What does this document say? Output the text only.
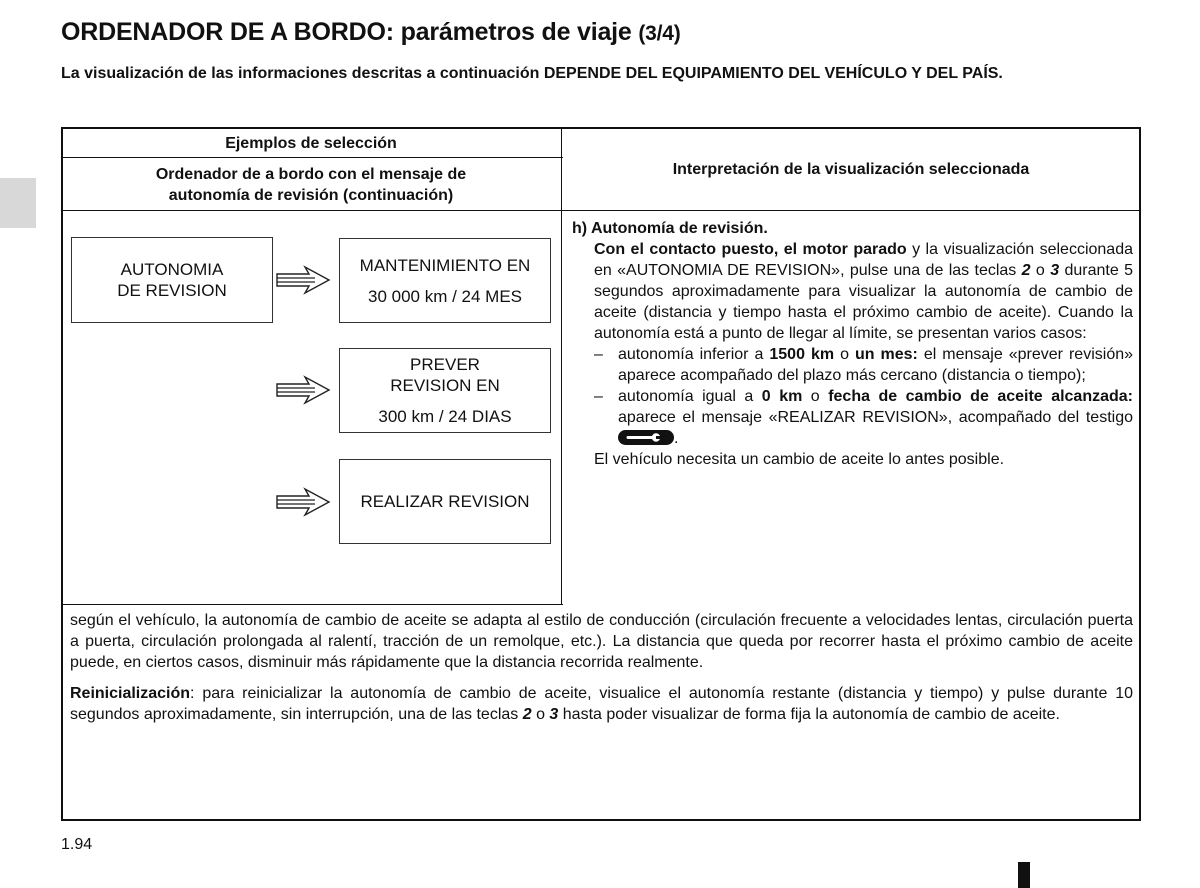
ORDENADOR DE A BORDO: parámetros de viaje (3/4)

La visualización de las informaciones descritas a continuación DEPENDE DEL EQUIPAMIENTO DEL VEHÍCULO Y DEL PAÍS.

Ejemplos de selección
Ordenador de a bordo con el mensaje de
autonomía de revisión (continuación)
Interpretación de la visualización seleccionada
AUTONOMIA
DE REVISION
MANTENIMIENTO EN
30 000 km / 24 MES
PREVER
REVISION EN
300 km / 24 DIAS
REALIZAR REVISION

h) Autonomía de revisión.

Con el contacto puesto, el motor parado y la visualización seleccionada en «AUTONOMIA DE REVISION», pulse una de las teclas 2 o 3 durante 5 segundos aproximadamente para visualizar la autonomía de cambio de aceite (distancia y tiempo hasta el próximo cambio de aceite). Cuando la autonomía está a punto de llegar al límite, se presentan varios casos:

– autonomía inferior a 1500 km o un mes: el mensaje «prever revisión» aparece acompañado del plazo más cercano (distancia o tiempo);

– autonomía igual a 0 km o fecha de cambio de aceite alcanzada: aparece el mensaje «REALIZAR REVISION», acompañado del testigo
.

El vehículo necesita un cambio de aceite lo antes posible.

según el vehículo, la autonomía de cambio de aceite se adapta al estilo de conducción (circulación frecuente a velocidades lentas, circulación puerta a puerta, circulación prolongada al ralentí, tracción de un remolque, etc.). La distancia que queda por recorrer hasta el próximo cambio de aceite puede, en ciertos casos, disminuir más rápidamente que la distancia recorrida realmente.

Reinicialización: para reinicializar la autonomía de cambio de aceite, visualice el autonomía restante (distancia y tiempo) y pulse durante 10 segundos aproximadamente, sin interrupción, una de las teclas 2 o 3 hasta poder visualizar de forma fija la autonomía de cambio de aceite.

1.94
